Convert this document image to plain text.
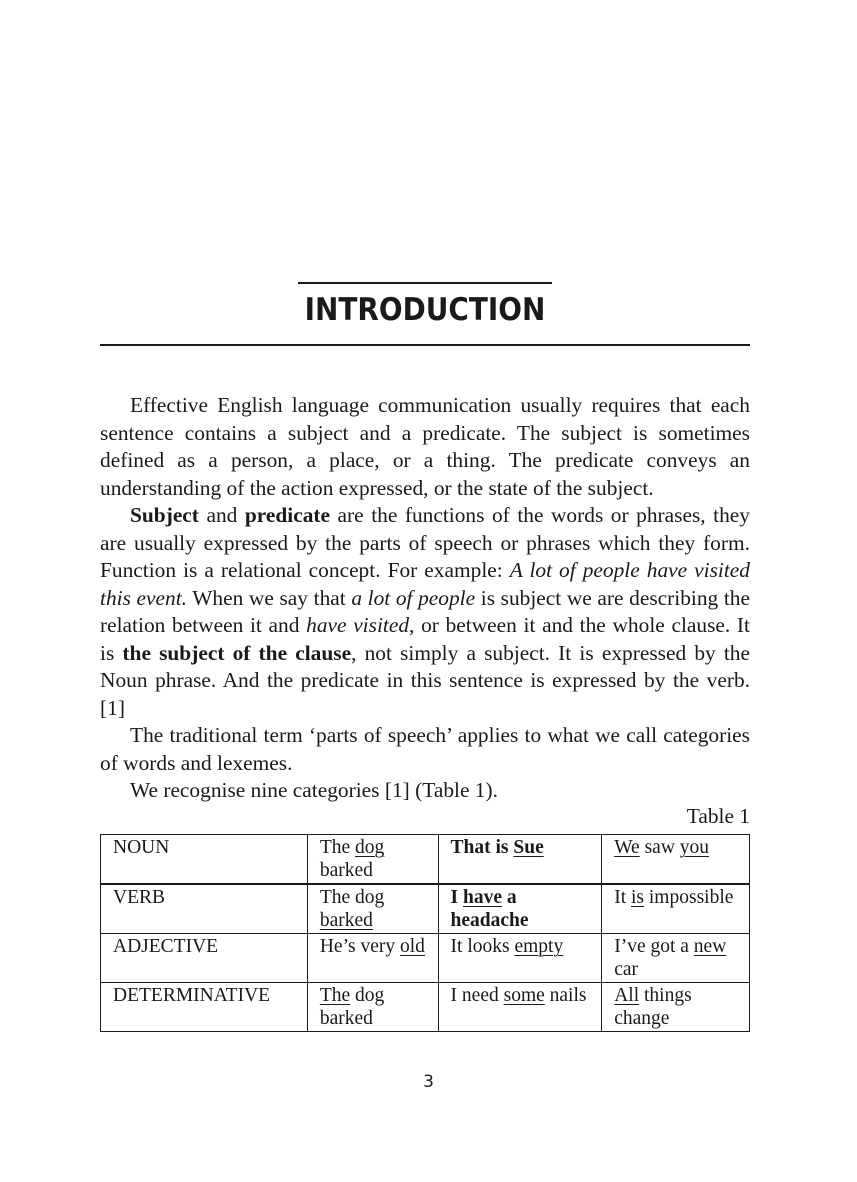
INTRODUCTION

Effective English language communication usually requires that each sentence contains a subject and a predicate. The subject is sometimes defined as a person, a place, or a thing. The predicate conveys an understanding of the action expressed, or the state of the subject.

Subject and predicate are the functions of the words or phrases, they are usually expressed by the parts of speech or phrases which they form. Function is a relational concept. For example: A lot of people have visited this event. When we say that a lot of people is subject we are describing the relation between it and have visited, or between it and the whole clause. It is the subject of the clause, not simply a subject. It is expressed by the Noun phrase. And the predicate in this sentence is expressed by the verb. [1]

The traditional term ‘parts of speech’ applies to what we call categories of words and lexemes.

We recognise nine categories [1] (Table 1).

Table 1
NOUN	The dog barked	That is Sue	We saw you
VERB	The dog barked	I have a headache	It is impossible
ADJECTIVE	He’s very old	It looks empty	I’ve got a new car
DETERMINATIVE	The dog barked	I need some nails	All things change
3
